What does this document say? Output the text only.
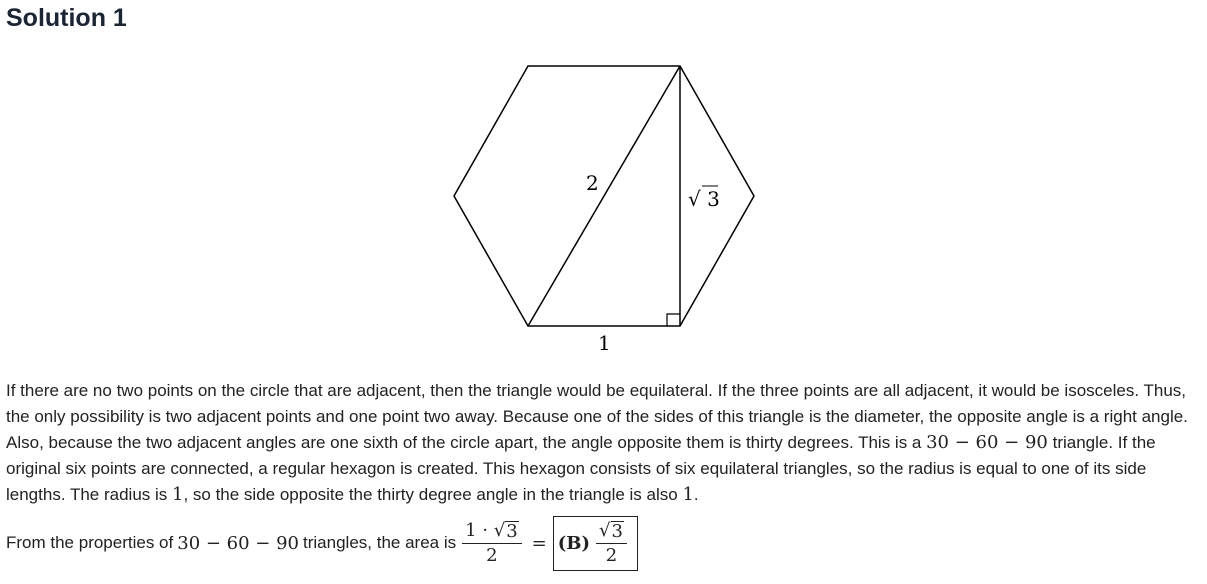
Solution 1
2
√ 3
1
If there are no two points on the circle that are adjacent, then the triangle would be equilateral. If the three points are all adjacent, it would be isosceles. Thus, the only possibility is two adjacent points and one point two away. Because one of the sides of this triangle is the diameter, the opposite angle is a right angle. Also, because the two adjacent angles are one sixth of the circle apart, the angle opposite them is thirty degrees. This is a 30 − 60 − 90 triangle. If the original six points are connected, a regular hexagon is created. This hexagon consists of six equilateral triangles, so the radius is equal to one of its side lengths. The radius is 1, so the side opposite the thirty degree angle in the triangle is also 1.
From the properties of 30 − 60 − 90 triangles, the area is $\frac{1 \cdot √ 3}{2} = (B) \frac{√ 3}{2}$
